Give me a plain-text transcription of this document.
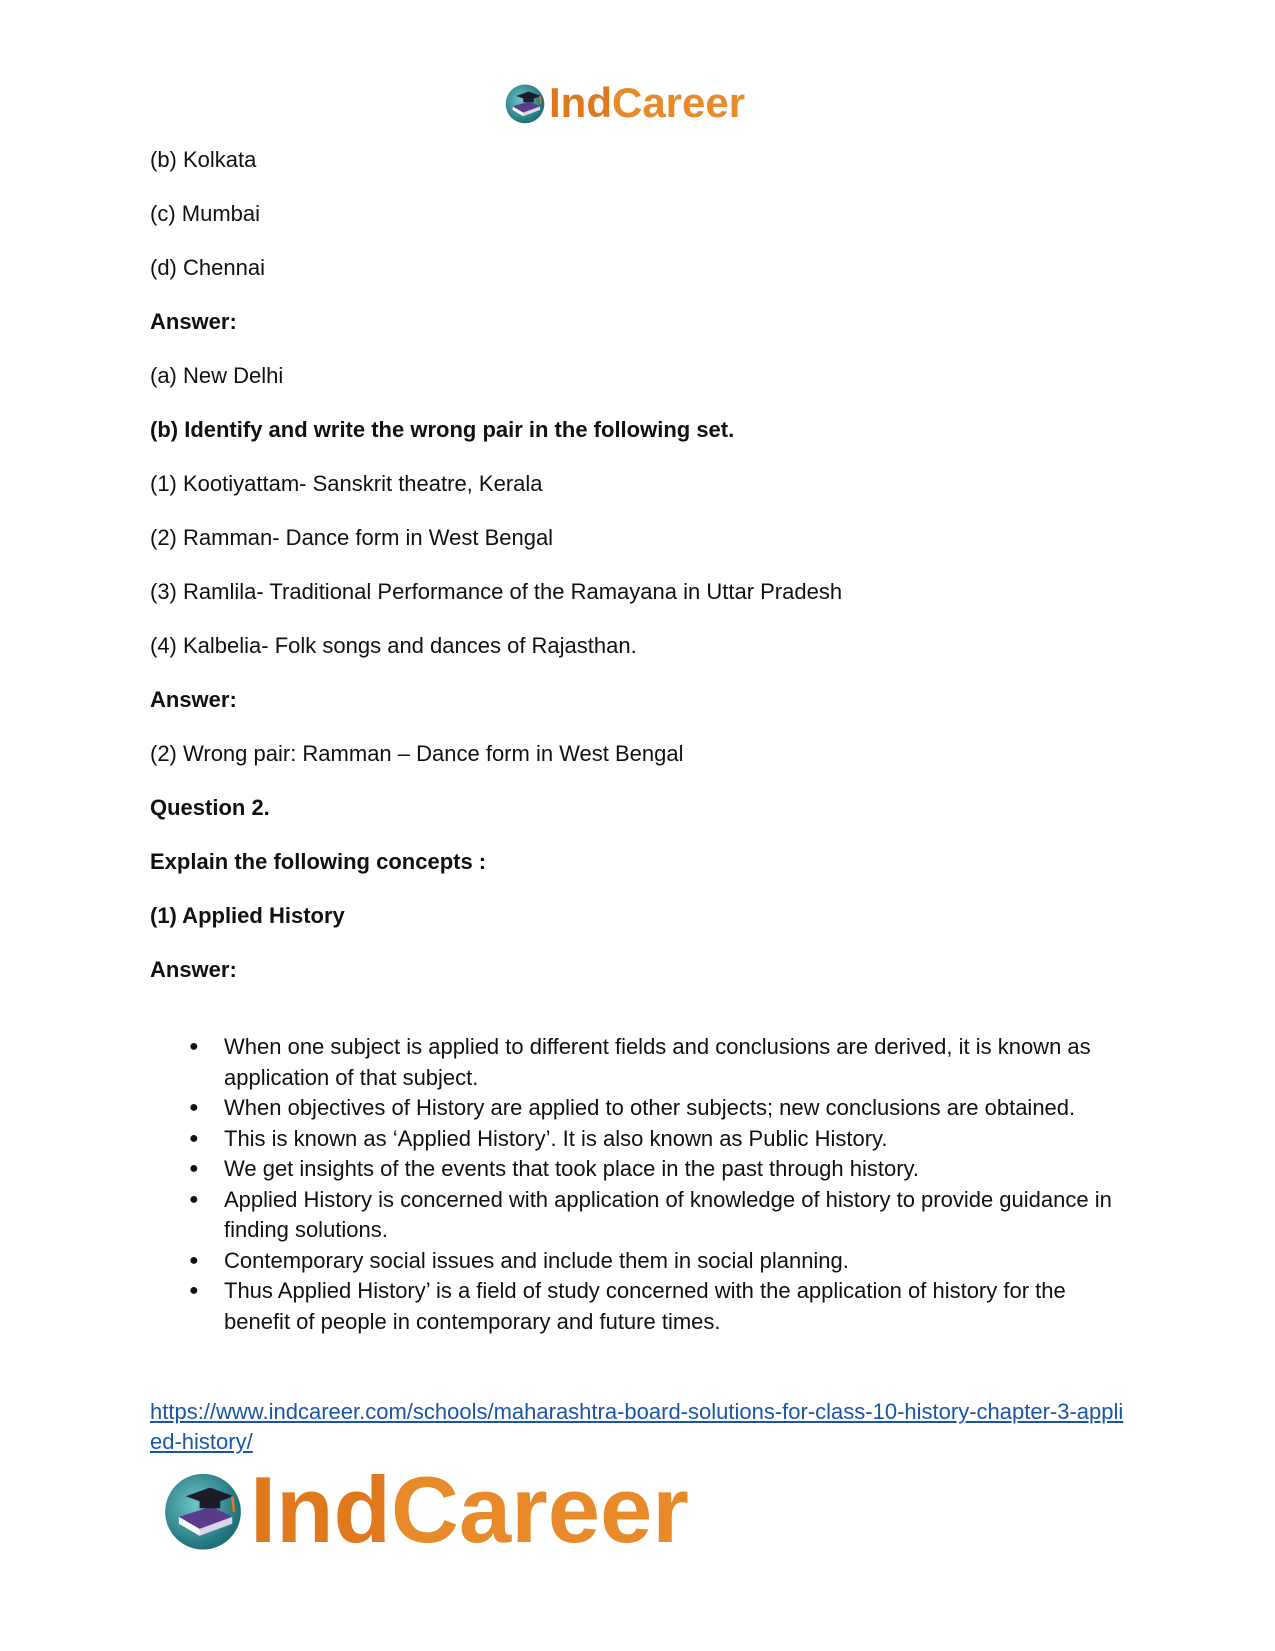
IndCareer
(b) Kolkata
(c) Mumbai
(d) Chennai
Answer:
(a) New Delhi
(b) Identify and write the wrong pair in the following set.
(1) Kootiyattam- Sanskrit theatre, Kerala
(2) Ramman- Dance form in West Bengal
(3) Ramlila- Traditional Performance of the Ramayana in Uttar Pradesh
(4) Kalbelia- Folk songs and dances of Rajasthan.
Answer:
(2) Wrong pair: Ramman – Dance form in West Bengal
Question 2.
Explain the following concepts :
(1) Applied History
Answer:
● When one subject is applied to different fields and conclusions are derived, it is known as application of that subject.
● When objectives of History are applied to other subjects; new conclusions are obtained.
● This is known as ‘Applied History’. It is also known as Public History.
● We get insights of the events that took place in the past through history.
● Applied History is concerned with application of knowledge of history to provide guidance in finding solutions.
● Contemporary social issues and include them in social planning.
● Thus Applied History’ is a field of study concerned with the application of history for the benefit of people in contemporary and future times.
https://www.indcareer.com/schools/maharashtra-board-solutions-for-class-10-history-chapter-3-applied-history/
IndCareer
